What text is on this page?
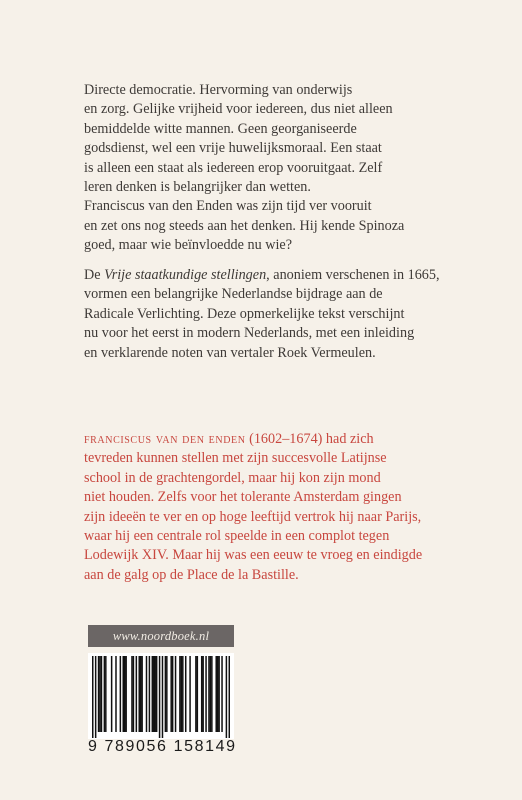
Directe democratie. Hervorming van onderwijs
en zorg. Gelijke vrijheid voor iedereen, dus niet alleen
bemiddelde witte mannen. Geen georganiseerde
godsdienst, wel een vrije huwelijksmoraal. Een staat
is alleen een staat als iedereen erop vooruitgaat. Zelf
leren denken is belangrijker dan wetten.
Franciscus van den Enden was zijn tijd ver vooruit
en zet ons nog steeds aan het denken. Hij kende Spinoza
goed, maar wie beïnvloedde nu wie?
De Vrije staatkundige stellingen, anoniem verschenen in 1665,
vormen een belangrijke Nederlandse bijdrage aan de
Radicale Verlichting. Deze opmerkelijke tekst verschijnt
nu voor het eerst in modern Nederlands, met een inleiding
en verklarende noten van vertaler Roek Vermeulen.
franciscus van den enden (1602–1674) had zich
tevreden kunnen stellen met zijn succesvolle Latijnse
school in de grachtengordel, maar hij kon zijn mond
niet houden. Zelfs voor het tolerante Amsterdam gingen
zijn ideeën te ver en op hoge leeftijd vertrok hij naar Parijs,
waar hij een centrale rol speelde in een complot tegen
Lodewijk XIV. Maar hij was een eeuw te vroeg en eindigde
aan de galg op de Place de la Bastille.
www.noordboek.nl
9 789056 158149
